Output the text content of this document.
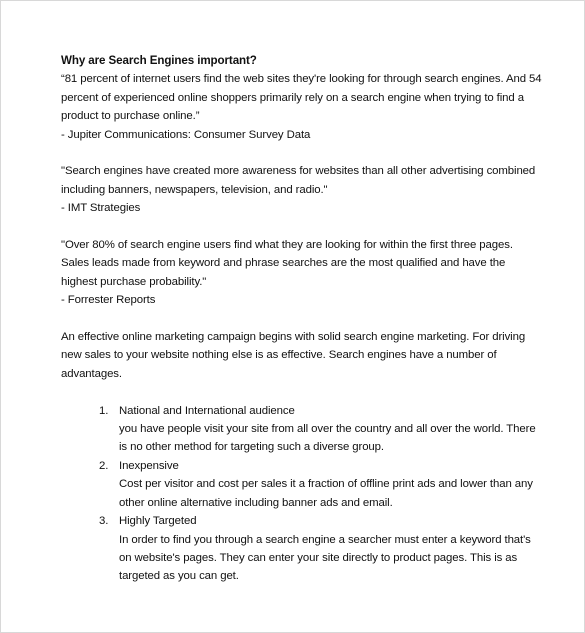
Why are Search Engines important?
“81 percent of internet users find the web sites they're looking for through search engines. And 54
percent of experienced online shoppers primarily rely on a search engine when trying to find a
product to purchase online.”
- Jupiter Communications: Consumer Survey Data
"Search engines have created more awareness for websites than all other advertising combined
including banners, newspapers, television, and radio."
- IMT Strategies
"Over 80% of search engine users find what they are looking for within the first three pages.
Sales leads made from keyword and phrase searches are the most qualified and have the
highest purchase probability."
- Forrester Reports
An effective online marketing campaign begins with solid search engine marketing. For driving
new sales to your website nothing else is as effective. Search engines have a number of
advantages.
1. National and International audience
you have people visit your site from all over the country and all over the world. There
is no other method for targeting such a diverse group.
2. Inexpensive
Cost per visitor and cost per sales it a fraction of offline print ads and lower than any
other online alternative including banner ads and email.
3. Highly Targeted
In order to find you through a search engine a searcher must enter a keyword that's
on website's pages. They can enter your site directly to product pages. This is as
targeted as you can get.
